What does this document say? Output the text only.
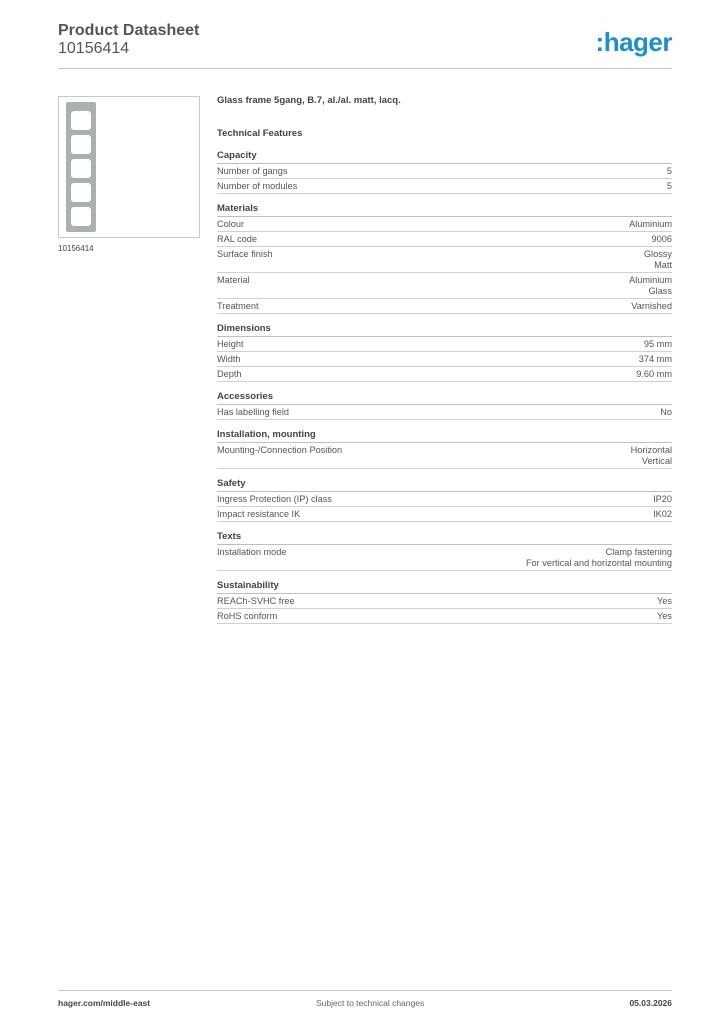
Product Datasheet
10156414	:hager
10156414
Glass frame 5gang, B.7, al./al. matt, lacq.
Technical Features
Capacity
Number of gangs	5
Number of modules	5
Materials
Colour	Aluminium
RAL code	9006
Surface finish	Glossy
Matt
Material	Aluminium
Glass
Treatment	Varnished
Dimensions
Height	95 mm
Width	374 mm
Depth	9.60 mm
Accessories
Has labelling field	No
Installation, mounting
Mounting-/Connection Position	Horizontal
Vertical
Safety
Ingress Protection (IP) class	IP20
Impact resistance IK	IK02
Texts
Installation mode	Clamp fastening
For vertical and horizontal mounting
Sustainability
REACh-SVHC free	Yes
RoHS conform	Yes
hager.com/middle-east	Subject to technical changes	05.03.2026
